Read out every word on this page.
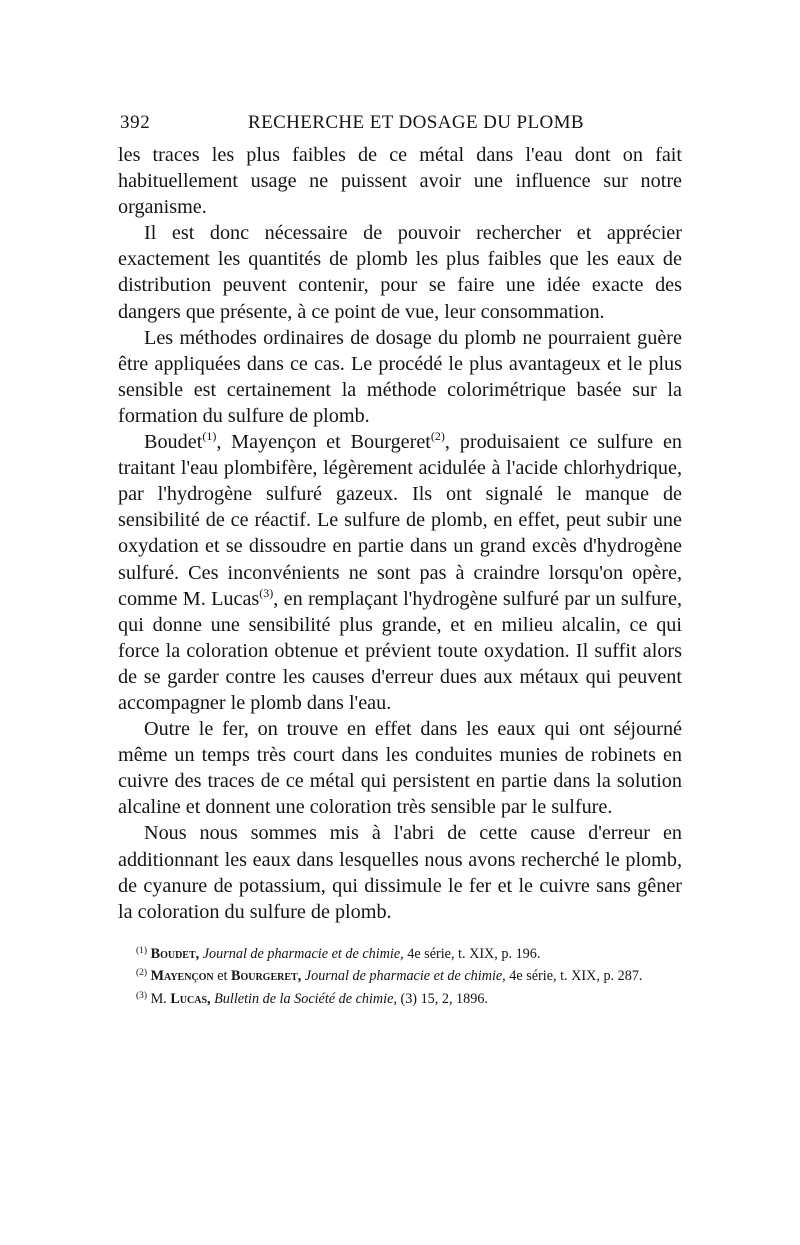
392	RECHERCHE ET DOSAGE DU PLOMB

les traces les plus faibles de ce métal dans l'eau dont on fait habituellement usage ne puissent avoir une influence sur notre organisme.

Il est donc nécessaire de pouvoir rechercher et apprécier exactement les quantités de plomb les plus faibles que les eaux de distribution peuvent contenir, pour se faire une idée exacte des dangers que présente, à ce point de vue, leur consommation.

Les méthodes ordinaires de dosage du plomb ne pourraient guère être appliquées dans ce cas. Le procédé le plus avantageux et le plus sensible est certainement la méthode colorimétrique basée sur la formation du sulfure de plomb.

Boudet$^{(1)}$, Mayençon et Bourgeret$^{(2)}$, produisaient ce sulfure en traitant l'eau plombifère, légèrement acidulée à l'acide chlorhydrique, par l'hydrogène sulfuré gazeux. Ils ont signalé le manque de sensibilité de ce réactif. Le sulfure de plomb, en effet, peut subir une oxydation et se dissoudre en partie dans un grand excès d'hydrogène sulfuré. Ces inconvénients ne sont pas à craindre lorsqu'on opère, comme M. Lucas$^{(3)}$, en remplaçant l'hydrogène sulfuré par un sulfure, qui donne une sensibilité plus grande, et en milieu alcalin, ce qui force la coloration obtenue et prévient toute oxydation. Il suffit alors de se garder contre les causes d'erreur dues aux métaux qui peuvent accompagner le plomb dans l'eau.

Outre le fer, on trouve en effet dans les eaux qui ont séjourné même un temps très court dans les conduites munies de robinets en cuivre des traces de ce métal qui persistent en partie dans la solution alcaline et donnent une coloration très sensible par le sulfure.

Nous nous sommes mis à l'abri de cette cause d'erreur en additionnant les eaux dans lesquelles nous avons recherché le plomb, de cyanure de potassium, qui dissimule le fer et le cuivre sans gêner la coloration du sulfure de plomb.

$^{(1)}$ Boudet, Journal de pharmacie et de chimie, 4e série, t. XIX, p. 196.

$^{(2)}$ Mayençon et Bourgeret, Journal de pharmacie et de chimie, 4e série, t. XIX, p. 287.

$^{(3)}$ M. Lucas, Bulletin de la Société de chimie, (3) 15, 2, 1896.
